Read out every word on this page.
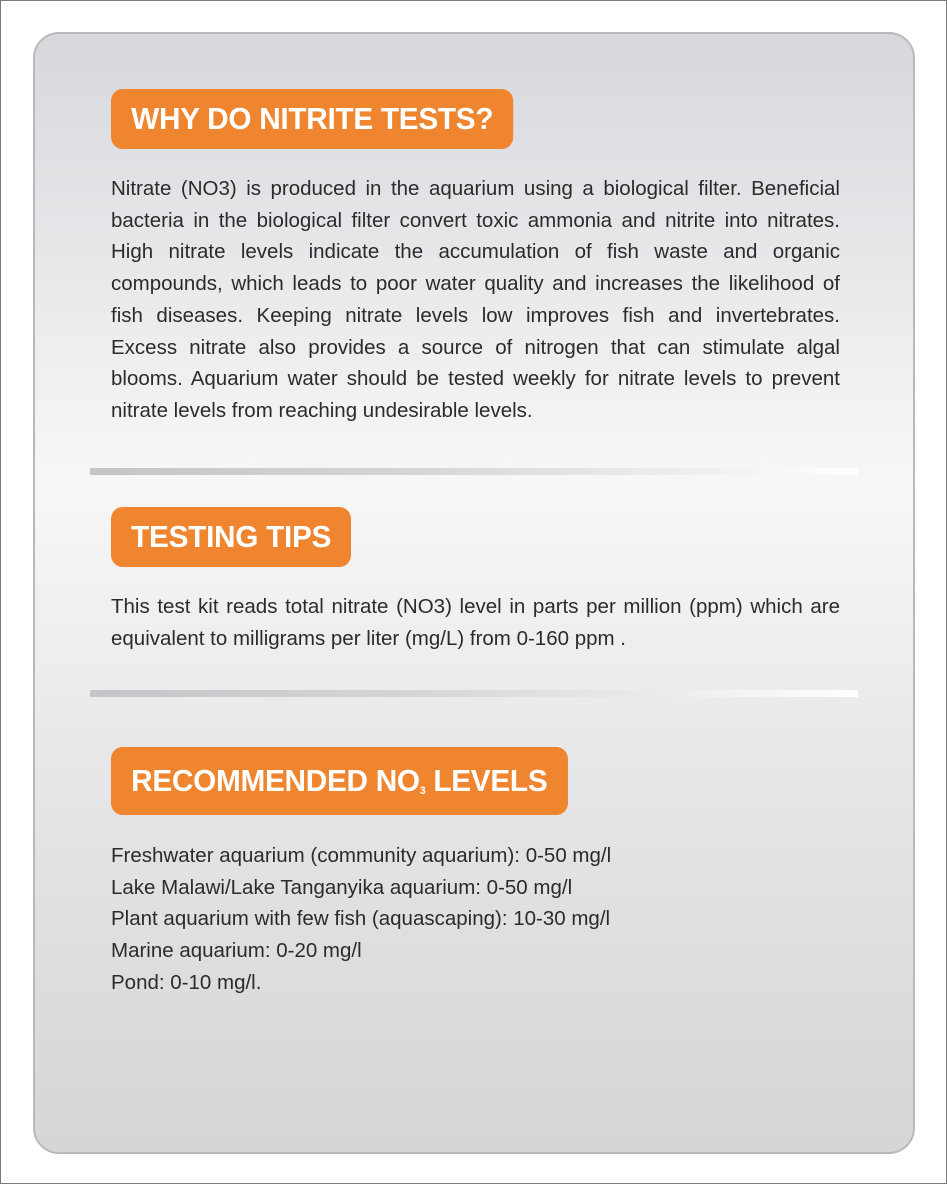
WHY DO NITRITE TESTS?

Nitrate (NO3) is produced in the aquarium using a biological filter. Beneficial bacteria in the biological filter convert toxic ammonia and nitrite into nitrates. High nitrate levels indicate the accumulation of fish waste and organic compounds, which leads to poor water quality and increases the likelihood of fish diseases. Keeping nitrate levels low improves fish and invertebrates. Excess nitrate also provides a source of nitrogen that can stimulate algal blooms. Aquarium water should be tested weekly for nitrate levels to prevent nitrate levels from reaching undesirable levels.

TESTING TIPS

This test kit reads total nitrate (NO3) level in parts per million (ppm) which are equivalent to milligrams per liter (mg/L) from 0-160 ppm .

RECOMMENDED $NO_3$ LEVELS
Freshwater aquarium (community aquarium): 0-50 mg/l
Lake Malawi/Lake Tanganyika aquarium: 0-50 mg/l
Plant aquarium with few fish (aquascaping): 10-30 mg/l
Marine aquarium: 0-20 mg/l
Pond: 0-10 mg/l.
